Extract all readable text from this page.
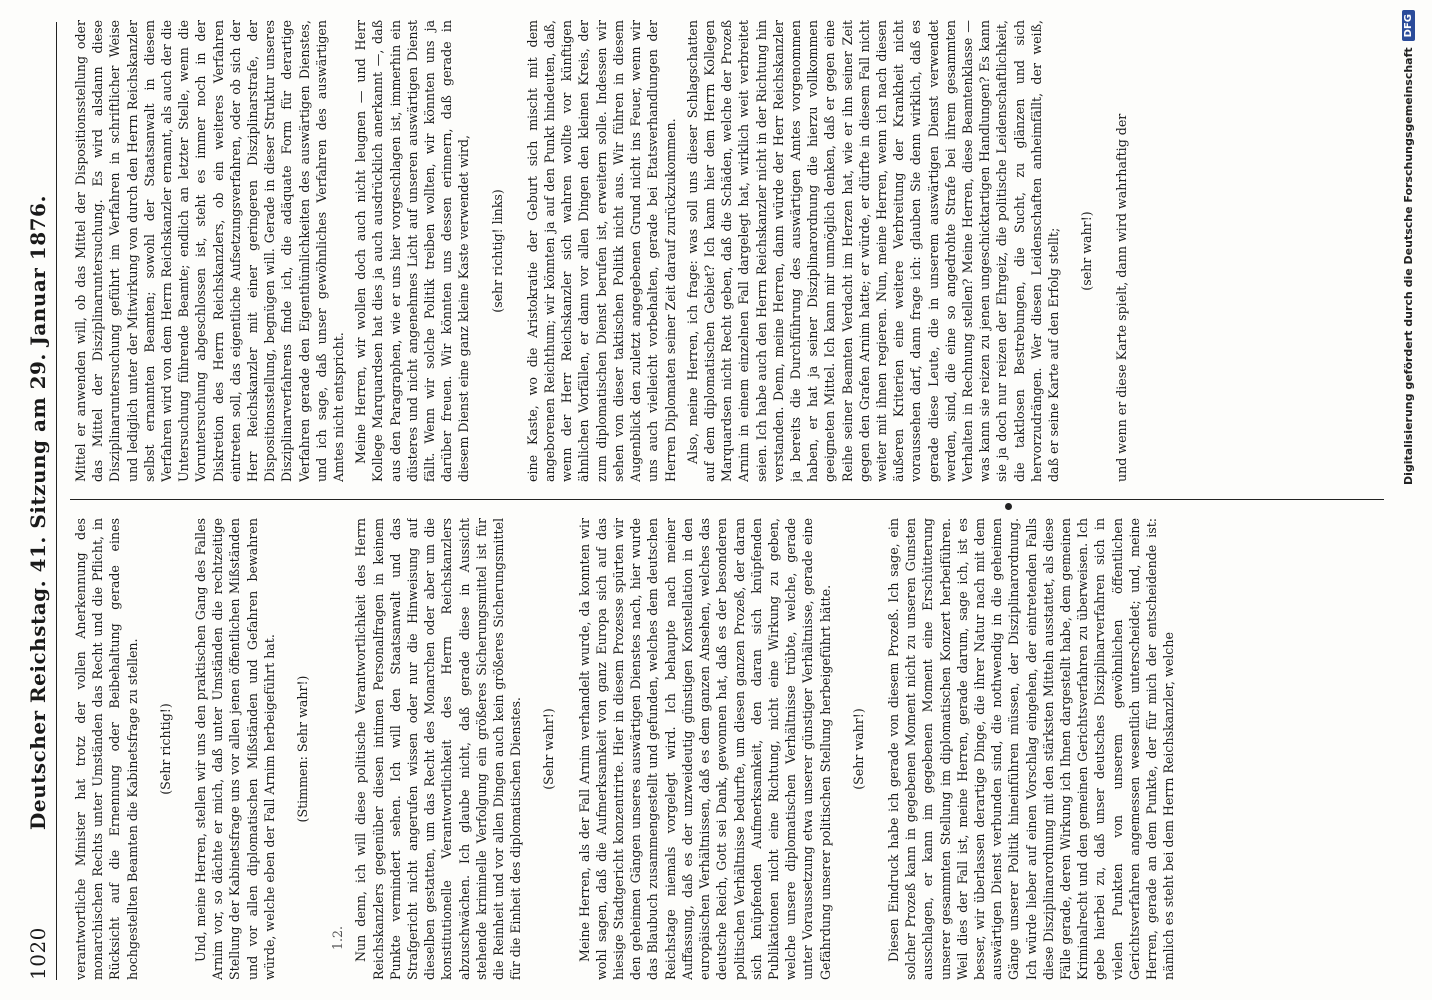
1020
Deutscher Reichstag. 41. Sitzung am 29. Januar 1876. verantwortliche Minister hat trotz der vollen Anerkennung des monarchischen Rechts unter Umständen das Recht und die Pflicht, in Rücksicht auf die Ernennung oder Beibehaltung gerade eines hochgestellten Beamten die Kabinetsfrage zu stellen. (Sehr richtig!) Und, meine Herren, stellen wir uns den praktischen Gang des Falles Arnim vor, so dächte er mich, daß unter Umständen die rechtzeitige Stellung der Kabinetsfrage uns vor allen jenen öffentlichen Mißständen und vor allen diplomatischen Mißständen und Gefahren bewahren würde, welche eben der Fall Arnim herbeigeführt hat. (Stimmen: Sehr wahr!)

1.2. Nun denn, ich will diese politische Verantwortlichkeit des Herrn Reichskanzlers gegenüber diesen intimen Personalfragen in keinem Punkte vermindert sehen. Ich will den Staatsanwalt und das Strafgericht nicht angerufen wissen oder nur die Hinweisung auf dieselben gestatten, um das Recht des Monarchen oder aber um die konstitutionelle Verantwortlichkeit des Herrn Reichskanzlers abzuschwächen. Ich glaube nicht, daß gerade diese in Aussicht stehende kriminelle Verfolgung ein größeres Sicherungsmittel ist für die Reinheit und vor allen Dingen auch kein größeres Sicherungsmittel für die Einheit des diplomatischen Dienstes. (Sehr wahr!) Meine Herren, als der Fall Arnim verhandelt wurde, da konnten wir wohl sagen, daß die Aufmerksamkeit von ganz Europa sich auf das hiesige Stadtgericht konzentrirte. Hier in diesem Prozesse spürten wir den geheimen Gängen unseres auswärtigen Dienstes nach, hier wurde das Blaubuch zusammengestellt und gefunden, welches dem deutschen Reichstage niemals vorgelegt wird. Ich behaupte nach meiner Auffassung, daß es der unzweideutig günstigen Konstellation in den europäischen Verhältnissen, daß es dem ganzen Ansehen, welches das deutsche Reich, Gott sei Dank, gewonnen hat, daß es der besonderen politischen Verhältnisse bedurfte, um diesen ganzen Prozeß, der daran sich knüpfenden Aufmerksamkeit, den daran sich knüpfenden Publikationen nicht eine Richtung, nicht eine Wirkung zu geben, welche unsere diplomatischen Verhältnisse trübte, welche, gerade unter Voraussetzung etwa unserer günstiger Verhältnisse, gerade eine Gefährdung unserer politischen Stellung herbeigeführt hätte. (Sehr wahr!) Diesen Eindruck habe ich gerade von diesem Prozeß. Ich sage, ein solcher Prozeß kann in gegebenen Moment nicht zu unseren Gunsten ausschlagen, er kann im gegebenen Moment eine Erschütterung unserer gesammten Stellung im diplomatischen Konzert herbeiführen. Weil dies der Fall ist, meine Herren, gerade darum, sage ich, ist es besser, wir überlassen derartige Dinge, die ihrer Natur nach mit dem auswärtigen Dienst verbunden sind, die nothwendig in die geheimen Gänge unserer Politik hineinführen müssen, der Disziplinarordnung. Ich würde lieber auf einen Vorschlag eingehen, der eintretenden Falls diese Disziplinarordnung mit den stärksten Mitteln ausstattet, als diese Fälle gerade, deren Wirkung ich Ihnen dargestellt habe, dem gemeinen Kriminalrecht und den gemeinen Gerichtsverfahren zu überweisen. Ich gebe hierbei zu, daß unser deutsches Disziplinarverfahren sich in vielen Punkten von unserem gewöhnlichen öffentlichen Gerichtsverfahren angemessen wesentlich unterscheidet; und, meine Herren, gerade an dem Punkte, der für mich der entscheidende ist: nämlich es steht bei dem Herrn Reichskanzler, welche

Mittel er anwenden will, ob das Mittel der Dispositionsstellung oder das Mittel der Disziplinaruntersuchung. Es wird alsdann diese Disziplinaruntersuchung geführt im Verfahren in schriftlicher Weise und lediglich unter der Mitwirkung von durch den Herrn Reichskanzler selbst ernannten Beamten; sowohl der Staatsanwalt in diesem Verfahren wird von dem Herrn Reichskanzler ernannt, als auch der die Untersuchung führende Beamte; endlich an letzter Stelle, wenn die Voruntersuchung abgeschlossen ist, steht es immer noch in der Diskretion des Herrn Reichskanzlers, ob ein weiteres Verfahren eintreten soll, das eigentliche Aufsetzungsverfahren, oder ob sich der Herr Reichskanzler mit einer geringeren Disziplinarstrafe, der Dispositionsstellung, begnügen will. Gerade in dieser Struktur unseres Disziplinarverfahrens finde ich, die adäquate Form für derartige Verfahren gerade den Eigenthümlichkeiten des auswärtigen Dienstes, und ich sage, daß unser gewöhnliches Verfahren des auswärtigen Amtes nicht entspricht. Meine Herren, wir wollen doch auch nicht leugnen — und Herr Kollege Marquardsen hat dies ja auch ausdrücklich anerkannt —, daß aus den Paragraphen, wie er uns hier vorgeschlagen ist, immerhin ein düsteres und nicht angenehmes Licht auf unseren auswärtigen Dienst fällt. Wenn wir solche Politik treiben wollten, wir könnten uns ja darüber freuen. Wir könnten uns dessen erinnern, daß gerade in diesem Dienst eine ganz kleine Kaste verwendet wird, (sehr richtig! links) eine Kaste, wo die Aristokratie der Geburt sich mischt mit dem angeborenen Reichthum; wir könnten ja auf den Punkt hindeuten, daß, wenn der Herr Reichskanzler sich wahren wollte vor künftigen ähnlichen Vorfällen, er dann vor allen Dingen den kleinen Kreis, der zum diplomatischen Dienst berufen ist, erweitern solle. Indessen wir sehen von dieser taktischen Politik nicht aus. Wir führen in diesem Augenblick den zuletzt angegebenen Grund nicht ins Feuer, wenn wir uns auch vielleicht vorbehalten, gerade bei Etatsverhandlungen der Herren Diplomaten seiner Zeit darauf zurückzukommen. Also, meine Herren, ich frage: was soll uns dieser Schlagschatten auf dem diplomatischen Gebiet? Ich kann hier dem Herrn Kollegen Marquardsen nicht Recht geben, daß die Schäden, welche der Prozeß Arnim in einem einzelnen Fall dargelegt hat, wirklich weit verbreitet seien. Ich habe auch den Herrn Reichskanzler nicht in der Richtung hin verstanden. Denn, meine Herren, dann würde der Herr Reichskanzler ja bereits die Durchführung des auswärtigen Amtes vorgenommen haben, er hat ja seiner Disziplinarordnung die hierzu vollkommen geeigneten Mittel. Ich kann mir unmöglich denken, daß er gegen eine Reihe seiner Beamten Verdacht im Herzen hat, wie er ihn seiner Zeit gegen den Grafen Arnim hatte; er würde, er dürfte in diesem Fall nicht weiter mit ihnen regieren. Nun, meine Herren, wenn ich nach diesen äußeren Kriterien eine weitere Verbreitung der Krankheit nicht voraussehen darf, dann frage ich: glauben Sie denn wirklich, daß es gerade diese Leute, die in unserem auswärtigen Dienst verwendet werden, sind, die eine so angedrohte Strafe bei ihrem gesammten Verhalten in Rechnung stellen? Meine Herren, diese Beamtenklasse — was kann sie reizen zu jenen ungeschicktartigen Handlungen? Es kann sie ja doch nur reizen der Ehrgeiz, die politische Leidenschaftlichkeit, die taktlosen Bestrebungen, die Sucht, zu glänzen und sich hervorzudrängen. Wer diesen Leidenschaften anheimfällt, der weiß, daß er seine Karte auf den Erfolg stellt; (sehr wahr!) und wenn er diese Karte spielt, dann wird wahrhaftig der	Digitalisierung gefördert durch die Deutsche ForschungsgemeinschaftDFG
